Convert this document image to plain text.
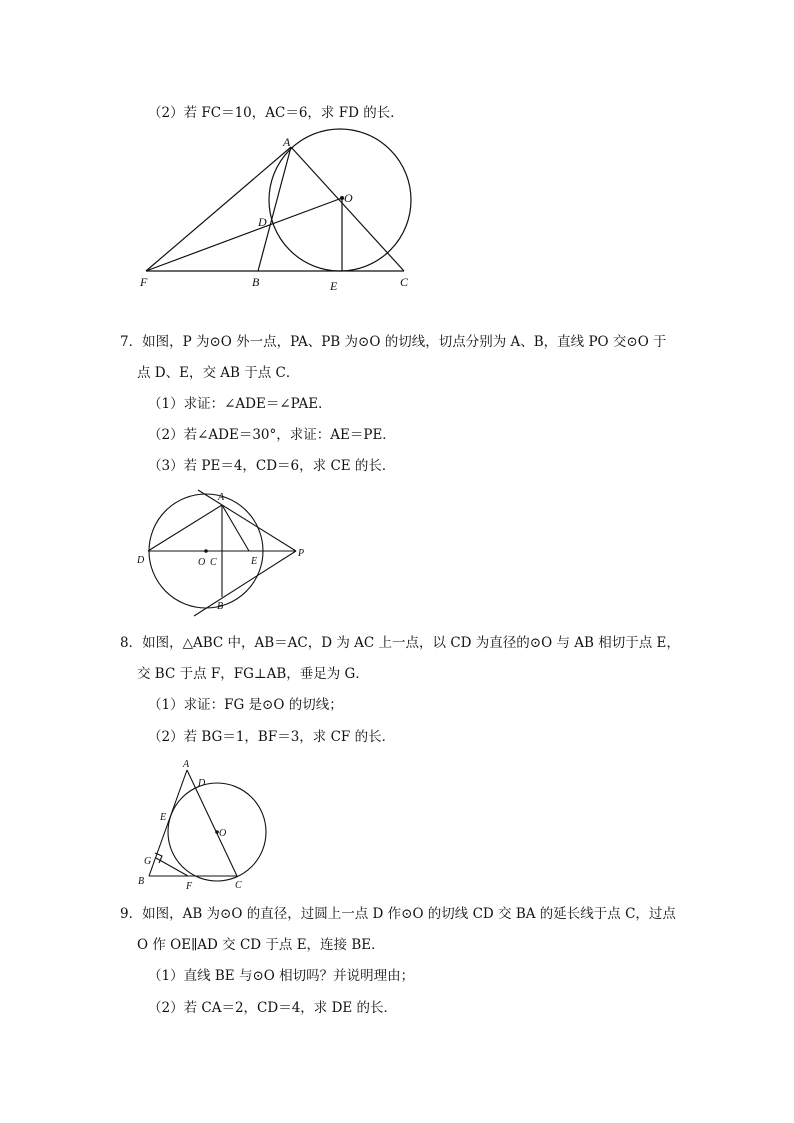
（2）若 FC＝10，AC＝6，求 FD 的长．
A
O
D
F	B	E	C
7．如图，P 为⊙O 外一点，PA、PB 为⊙O 的切线，切点分别为 A、B，直线 PO 交⊙O 于
点 D、E，交 AB 于点 C．
（1）求证：∠ADE＝∠PAE．
（2）若∠ADE＝30°，求证：AE＝PE．
（3）若 PE＝4，CD＝6，求 CE 的长．
A
D	O C	E
P
B
8．如图，△ABC 中，AB＝AC，D 为 AC 上一点，以 CD 为直径的⊙O 与 AB 相切于点 E，
交 BC 于点 F，FG⊥AB，垂足为 G．
（1）求证：FG 是⊙O 的切线；
（2）若 BG＝1，BF＝3，求 CF 的长．
A
D
E
O
G
B	F	C
9．如图，AB 为⊙O 的直径，过圆上一点 D 作⊙O 的切线 CD 交 BA 的延长线于点 C，过点
O 作 OE∥AD 交 CD 于点 E，连接 BE．
（1）直线 BE 与⊙O 相切吗？并说明理由；
（2）若 CA＝2，CD＝4，求 DE 的长．
